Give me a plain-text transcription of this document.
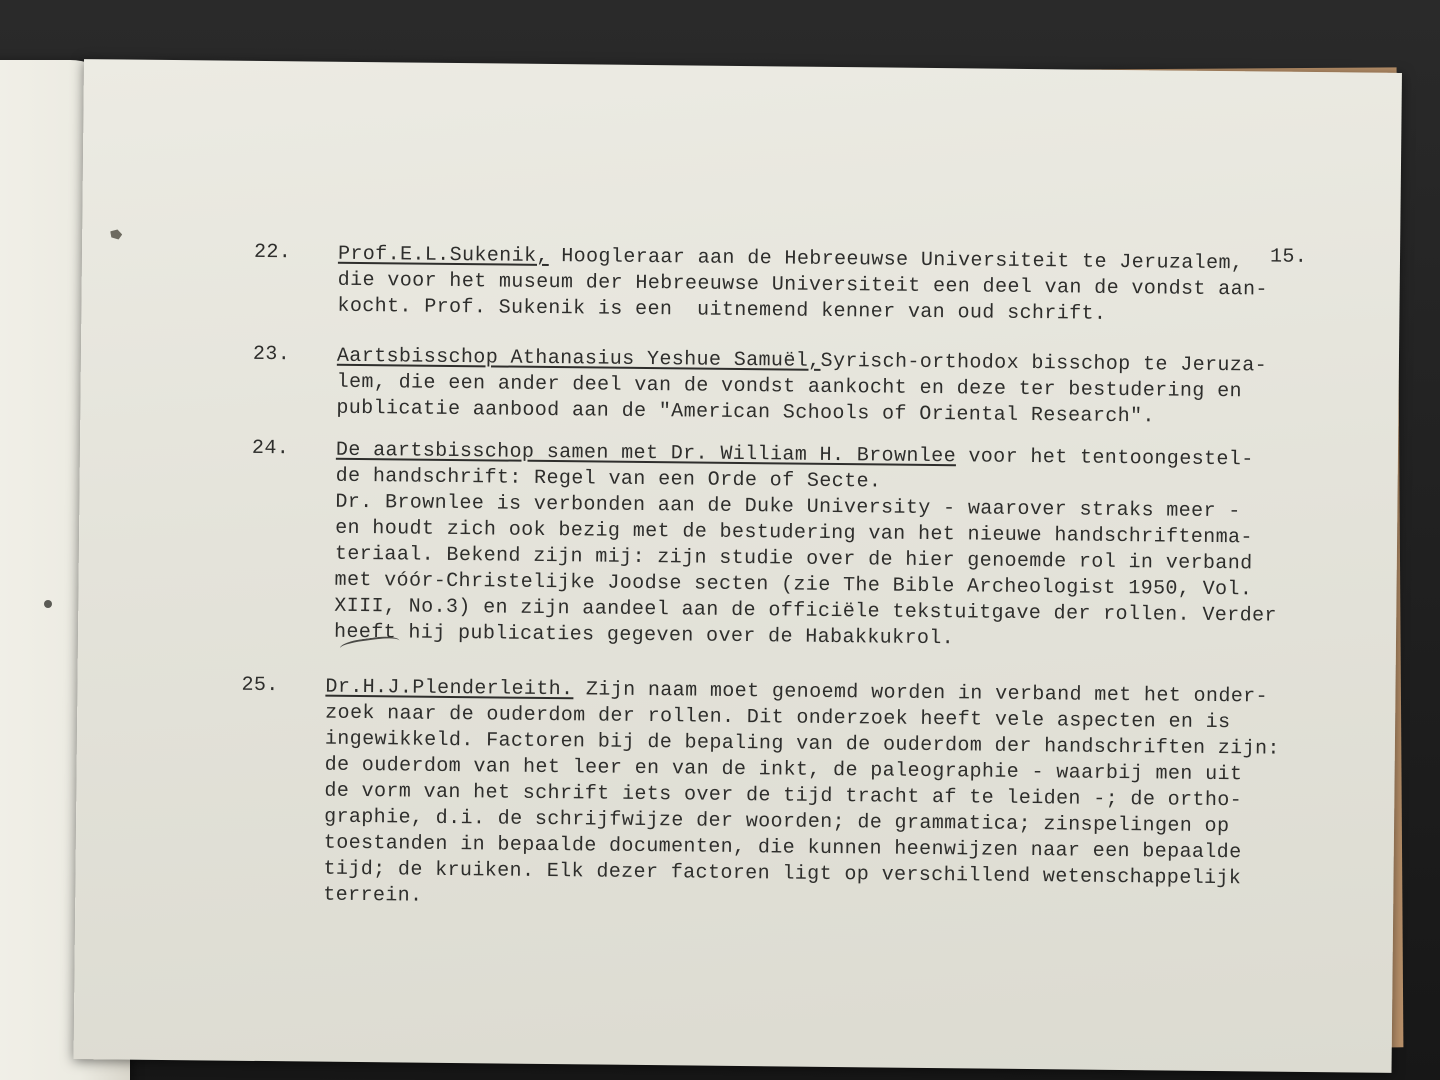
15.
22. Prof.E.L.Sukenik, Hoogleraar aan de Hebreeuwse Universiteit te Jeruzalem,
die voor het museum der Hebreeuwse Universiteit een deel van de vondst aan-
kocht. Prof. Sukenik is een  uitnemend kenner van oud schrift.
23. Aartsbisschop Athanasius Yeshue Samuël,Syrisch-orthodox bisschop te Jeruza-
lem, die een ander deel van de vondst aankocht en deze ter bestudering en
publicatie aanbood aan de "American Schools of Oriental Research".
24. De aartsbisschop samen met Dr. William H. Brownlee voor het tentoongestel-
de handschrift: Regel van een Orde of Secte.
Dr. Brownlee is verbonden aan de Duke University - waarover straks meer -
en houdt zich ook bezig met de bestudering van het nieuwe handschriftenma-
teriaal. Bekend zijn mij: zijn studie over de hier genoemde rol in verband
met vóór-Christelijke Joodse secten (zie The Bible Archeologist 1950, Vol.
XIII, No.3) en zijn aandeel aan de officiële tekstuitgave der rollen. Verder
heeft hij publicaties gegeven over de Habakkukrol.
25. Dr.H.J.Plenderleith. Zijn naam moet genoemd worden in verband met het onder-
zoek naar de ouderdom der rollen. Dit onderzoek heeft vele aspecten en is
ingewikkeld. Factoren bij de bepaling van de ouderdom der handschriften zijn:
de ouderdom van het leer en van de inkt, de paleographie - waarbij men uit
de vorm van het schrift iets over de tijd tracht af te leiden -; de ortho-
graphie, d.i. de schrijfwijze der woorden; de grammatica; zinspelingen op
toestanden in bepaalde documenten, die kunnen heenwijzen naar een bepaalde
tijd; de kruiken. Elk dezer factoren ligt op verschillend wetenschappelijk
terrein.
